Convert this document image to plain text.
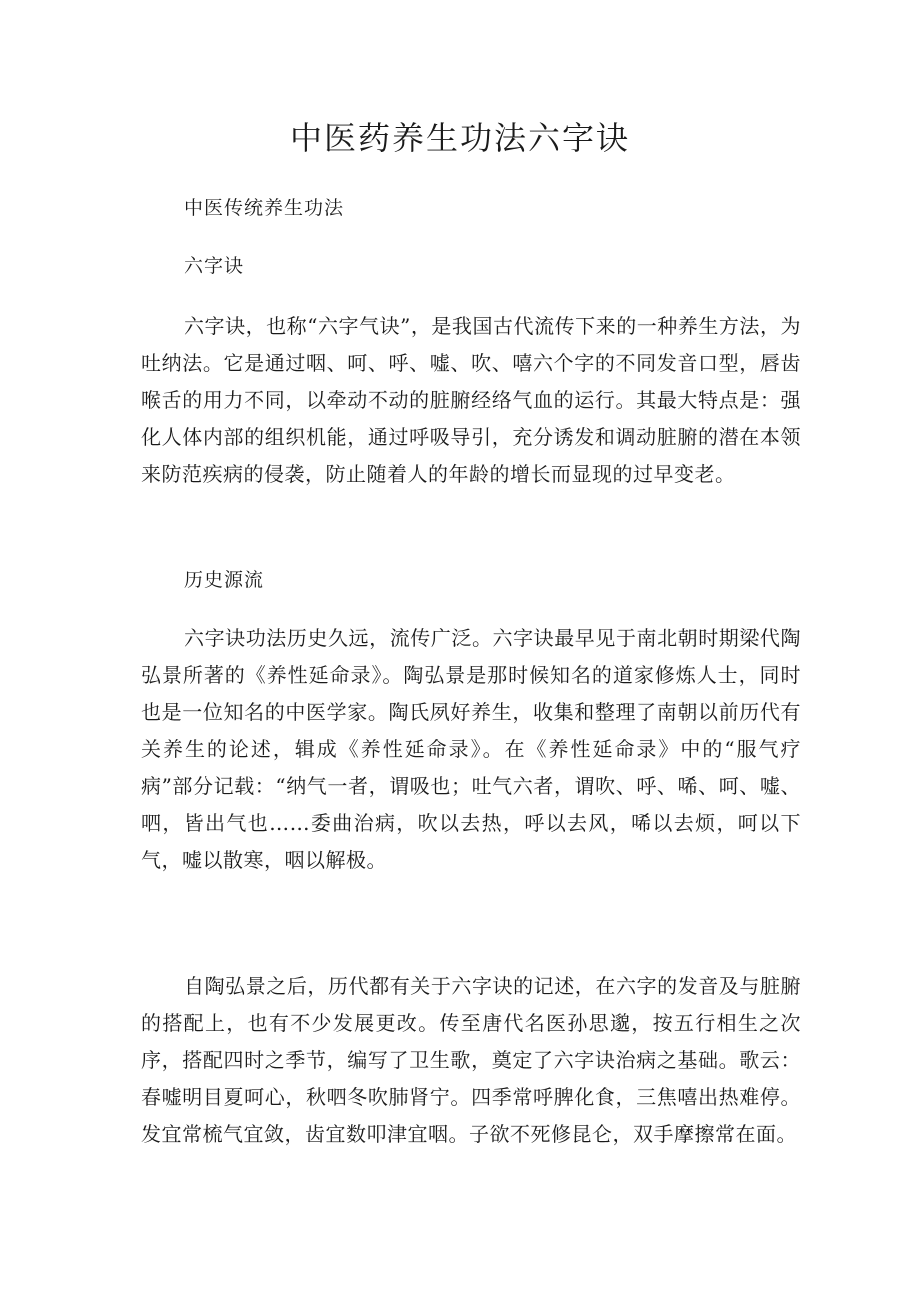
中医药养生功法六字诀

中医传统养生功法

六字诀

六字诀，也称“六字气诀”，是我国古代流传下来的一种养生方法，为吐纳法。它是通过咽、呵、呼、嘘、吹、嘻六个字的不同发音口型，唇齿喉舌的用力不同，以牵动不动的脏腑经络气血的运行。其最大特点是：强化人体内部的组织机能，通过呼吸导引，充分诱发和调动脏腑的潜在本领来防范疾病的侵袭，防止随着人的年龄的增长而显现的过早变老。

历史源流

六字诀功法历史久远，流传广泛。六字诀最早见于南北朝时期梁代陶弘景所著的《养性延命录》。陶弘景是那时候知名的道家修炼人士，同时也是一位知名的中医学家。陶氏夙好养生，收集和整理了南朝以前历代有关养生的论述，辑成《养性延命录》。在《养性延命录》中的“服气疗病”部分记载：“纳气一者，谓吸也；吐气六者，谓吹、呼、唏、呵、嘘、呬，皆出气也……委曲治病，吹以去热，呼以去风，唏以去烦，呵以下气，嘘以散寒，咽以解极。

自陶弘景之后，历代都有关于六字诀的记述，在六字的发音及与脏腑的搭配上，也有不少发展更改。传至唐代名医孙思邈，按五行相生之次序，搭配四时之季节，编写了卫生歌，奠定了六字诀治病之基础。歌云：春嘘明目夏呵心，秋呬冬吹肺肾宁。四季常呼脾化食，三焦嘻出热难停。发宜常梳气宜敛，齿宜数叩津宜咽。子欲不死修昆仑，双手摩擦常在面。
